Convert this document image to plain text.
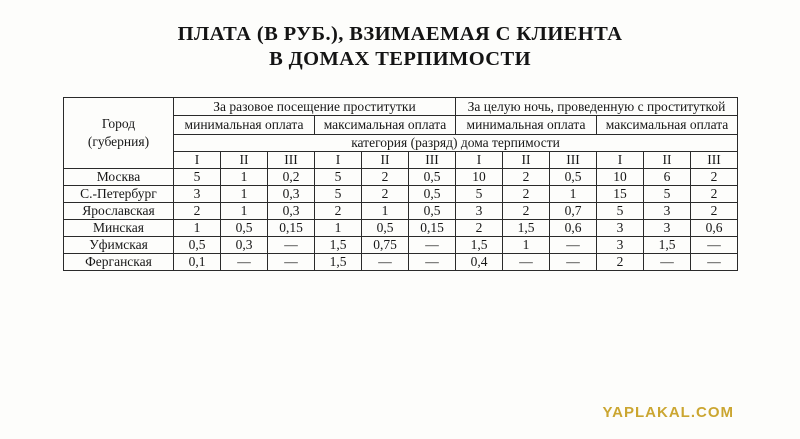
ПЛАТА (В РУБ.), ВЗИМАЕМАЯ С КЛИЕНТА
В ДОМАХ ТЕРПИМОСТИ
Город
(губерния)	За разовое посещение проститутки						За целую ночь, проведенную с проституткой					
	минимальная оплата			максимальная оплата			минимальная оплата			максимальная оплата		
	категория (разряд) дома терпимости											
	I	II	III	I	II	III	I	II	III	I	II	III
Москва	5	1	0,2	5	2	0,5	10	2	0,5	10	6	2
С.-Петербург	3	1	0,3	5	2	0,5	5	2	1	15	5	2
Ярославская	2	1	0,3	2	1	0,5	3	2	0,7	5	3	2
Минская	1	0,5	0,15	1	0,5	0,15	2	1,5	0,6	3	3	0,6
Уфимская	0,5	0,3	—	1,5	0,75	—	1,5	1	—	3	1,5	—
Ферганская	0,1	—	—	1,5	—	—	0,4	—	—	2	—	—
YAPLAKAL.COM
